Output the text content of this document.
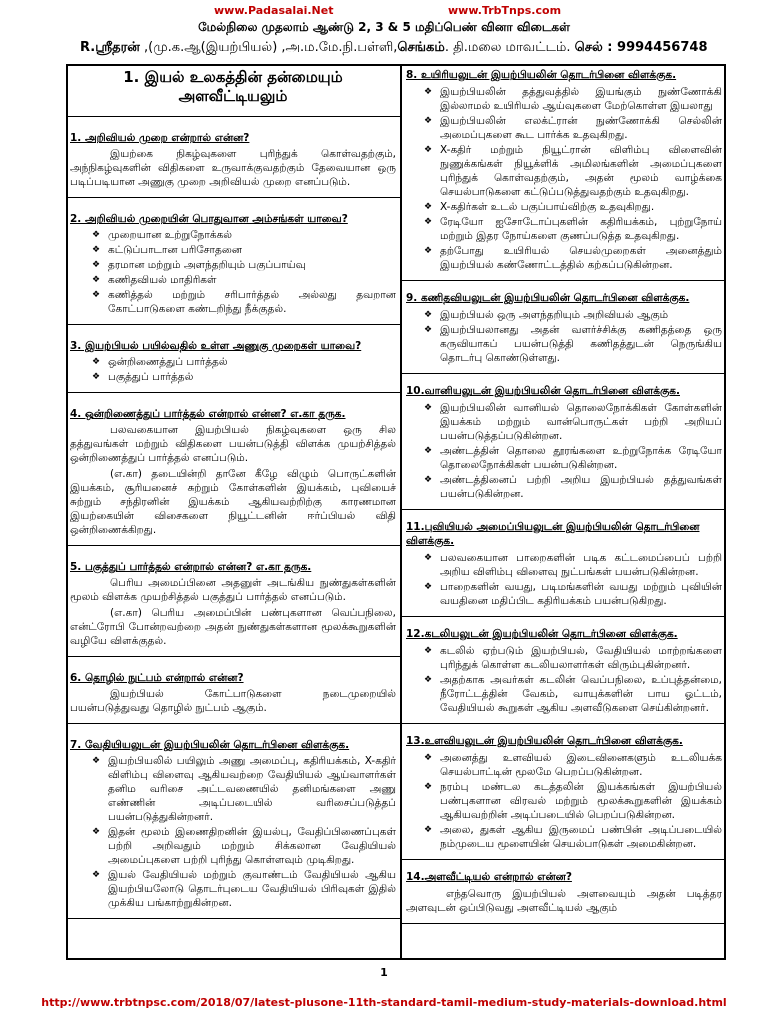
www.Padasalai.Net	www.TrbTnps.com
மேல்நிலை முதலாம் ஆண்டு 2, 3 & 5 மதிப்பெண் வினா விடைகள்
R.ஸ்ரீதரன் ,(மு.க.ஆ(இயற்பியல்) ,அ.ம.மே.நி.பள்ளி,செங்கம். தி.மலை மாவட்டம். செல் : 9994456748
1. இயல் உலகத்தின் தன்மையும் அளவீட்டியலும்
1. அறிவியல் முறை என்றால் என்ன?
இயற்கை நிகழ்வுகளை புரிந்துக் கொள்வதற்கும், அந்நிகழ்வுகளின் விதிகளை உருவாக்குவதற்கும் தேவையான ஒரு படிப்படியான அணுகு முறை அறிவியல் முறை எனப்படும்.
2. அறிவியல் முறையின் பொதுவான அம்சங்கள் யாவை?
❖ முறையான உற்றுநோக்கல்
❖ கட்டுப்பாடான பரிசோதனை
❖ தரமான மற்றும் அளந்தறியும் பகுப்பாய்வு
❖ கணிதவியல் மாதிரிகள்
❖ கணித்தல் மற்றும் சரிபார்த்தல் அல்லது தவறான கோட்பாடுகளை கண்டறிந்து நீக்குதல்.
3. இயற்பியல் பயில்வதில் உள்ள அணுகு முறைகள் யாவை?
❖ ஒன்றிணைத்துப் பார்த்தல்
❖ பகுத்துப் பார்த்தல்
4. ஒன்றிணைத்துப் பார்த்தல் என்றால் என்ன? எ.கா தருக.
பலவகையான இயற்பியல் நிகழ்வுகளை ஒரு சில தத்துவங்கள் மற்றும் விதிகளை பயன்படுத்தி விளக்க முயற்சித்தல் ஒன்றிணைத்துப் பார்த்தல் எனப்படும்.
(எ.கா) தடையின்றி தானே கீழே விழும் பொருட்களின் இயக்கம், சூரியனைச் சுற்றும் கோள்களின் இயக்கம், புவியைச் சுற்றும் சந்திரனின் இயக்கம் ஆகியவற்றிற்கு காரணமான இயற்கையின் விசைகளை நியூட்டனின் ஈர்ப்பியல் விதி ஒன்றிணைக்கிறது.
5. பகுத்துப் பார்த்தல் என்றால் என்ன? எ.கா தருக.
பெரிய அமைப்பினை அதனுள் அடங்கிய நுண்துகள்களின் மூலம் விளக்க முயற்சித்தல் பகுத்துப் பார்த்தல் எனப்படும்.
(எ.கா) பெரிய அமைப்பின் பண்புகளான வெப்பநிலை, என்ட்ரோபி போன்றவற்றை அதன் நுண்துகள்களான மூலக்கூறுகளின் வழியே விளக்குதல்.
6. தொழில் நுட்பம் என்றால் என்ன?
இயற்பியல் கோட்பாடுகளை நடைமுறையில் பயன்படுத்துவது தொழில் நுட்பம் ஆகும்.
7. வேதியியலுடன் இயற்பியலின் தொடர்பினை விளக்குக.
❖ இயற்பியலில் பயிலும் அணு அமைப்பு, கதிரியக்கம், X-கதிர் விளிம்பு விளைவு ஆகியவற்றை வேதியியல் ஆய்வாளர்கள் தனிம வரிசை அட்டவணையில் தனிமங்களை அணு எண்ணின் அடிப்படையில் வரிசைப்படுத்தப் பயன்படுத்துகின்றனர்.
❖ இதன் மூலம் இணைதிறனின் இயல்பு, வேதிப்பிணைப்புகள் பற்றி அறிவதும் மற்றும் சிக்கலான வேதியியல் அமைப்புகளை பற்றி புரிந்து கொள்ளவும் முடிகிறது.
❖ இயல் வேதியியல் மற்றும் குவாண்டம் வேதியியல் ஆகிய இயற்பியலோடு தொடர்புடைய வேதியியல் பிரிவுகள் இதில் முக்கிய பங்காற்றுகின்றன.
8. உயிரியலுடன் இயற்பியலின் தொடர்பினை விளக்குக.
❖ இயற்பியலின் தத்துவத்தில் இயங்கும் நுண்ணோக்கி இல்லாமல் உயிரியல் ஆய்வுகளை மேற்கொள்ள இயலாது
❖ இயற்பியலின் எலக்ட்ரான் நுண்ணோக்கி செல்லின் அமைப்புகளை கூட பார்க்க உதவுகிறது.
❖ X-கதிர் மற்றும் நியூட்ரான் விளிம்பு விளைவின் நுணுக்கங்கள் நியூக்ளிக் அமிலங்களின் அமைப்புகளை புரிந்துக் கொள்வதற்கும், அதன் மூலம் வாழ்க்கை செயல்பாடுகளை கட்டுப்படுத்துவதற்கும் உதவுகிறது.
❖ X-கதிர்கள் உடல் பகுப்பாய்விற்கு உதவுகிறது.
❖ ரேடியோ ஐசோடோப்புகளின் கதிரியக்கம், புற்றுநோய் மற்றும் இதர நோய்களை குணப்படுத்த உதவுகிறது.
❖ தற்போது உயிரியல் செயல்முறைகள் அனைத்தும் இயற்பியல் கண்ணோட்டத்தில் கற்கப்படுகின்றன.
9. கணிதவியலுடன் இயற்பியலின் தொடர்பினை விளக்குக.
❖ இயற்பியல் ஒரு அளந்தறியும் அறிவியல் ஆகும்
❖ இயற்பியலானது அதன் வளர்ச்சிக்கு கணிதத்தை ஒரு கருவியாகப் பயன்படுத்தி கணிதத்துடன் நெருங்கிய தொடர்பு கொண்டுள்ளது.
10.வானியலுடன் இயற்பியலின் தொடர்பினை விளக்குக.
❖ இயற்பியலின் வானியல் தொலைநோக்கிகள் கோள்களின் இயக்கம் மற்றும் வான்பொருட்கள் பற்றி அறியப் பயன்படுத்தப்படுகின்றன.
❖ அண்டத்தின் தொலை தூரங்களை உற்றுநோக்க ரேடியோ தொலைநோக்கிகள் பயன்படுகின்றன.
❖ அண்டத்தினைப் பற்றி அறிய இயற்பியல் தத்துவங்கள் பயன்படுகின்றன.
11.புவியியல் அமைப்பியலுடன் இயற்பியலின் தொடர்பினை விளக்குக.
❖ பலவகையான பாறைகளின் படிக கட்டமைப்பைப் பற்றி அறிய விளிம்பு விளைவு நுட்பங்கள் பயன்படுகின்றன.
❖ பாறைகளின் வயது, படிமங்களின் வயது மற்றும் புவியின் வயதினை மதிப்பிட கதிரியக்கம் பயன்படுகிறது.
12.கடலியலுடன் இயற்பியலின் தொடர்பினை விளக்குக.
❖ கடலில் ஏற்படும் இயற்பியல், வேதியியல் மாற்றங்களை புரிந்துக் கொள்ள கடலியலாளர்கள் விரும்புகின்றனர்.
❖ அதற்காக அவர்கள் கடலின் வெப்பநிலை, உப்புத்தன்மை, நீரோட்டத்தின் வேகம், வாயுக்களின் பாய ஓட்டம், வேதியியல் கூறுகள் ஆகிய அளவீடுகளை செய்கின்றனர்.
13.உளவியலுடன் இயற்பியலின் தொடர்பினை விளக்குக.
❖ அனைத்து உளவியல் இடைவினைகளும் உடலியக்க செயல்பாட்டின் மூலமே பெறப்படுகின்றன.
❖ நரம்பு மண்டல கடத்தலின் இயக்கங்கள் இயற்பியல் பண்புகளான விரவல் மற்றும் மூலக்கூறுகளின் இயக்கம் ஆகியவற்றின் அடிப்படையில் பெறப்படுகின்றன.
❖ அலை, துகள் ஆகிய இருமைப் பண்பின் அடிப்படையில் நம்முடைய மூளையின் செயல்பாடுகள் அமைகின்றன.
14.அளவீட்டியல் என்றால் என்ன?
எந்தவொரு இயற்பியல் அளவையும் அதன் படித்தர அளவுடன் ஒப்பிடுவது அளவீட்டியல் ஆகும்
1
http://www.trbtnpsc.com/2018/07/latest-plusone-11th-standard-tamil-medium-study-materials-download.html
